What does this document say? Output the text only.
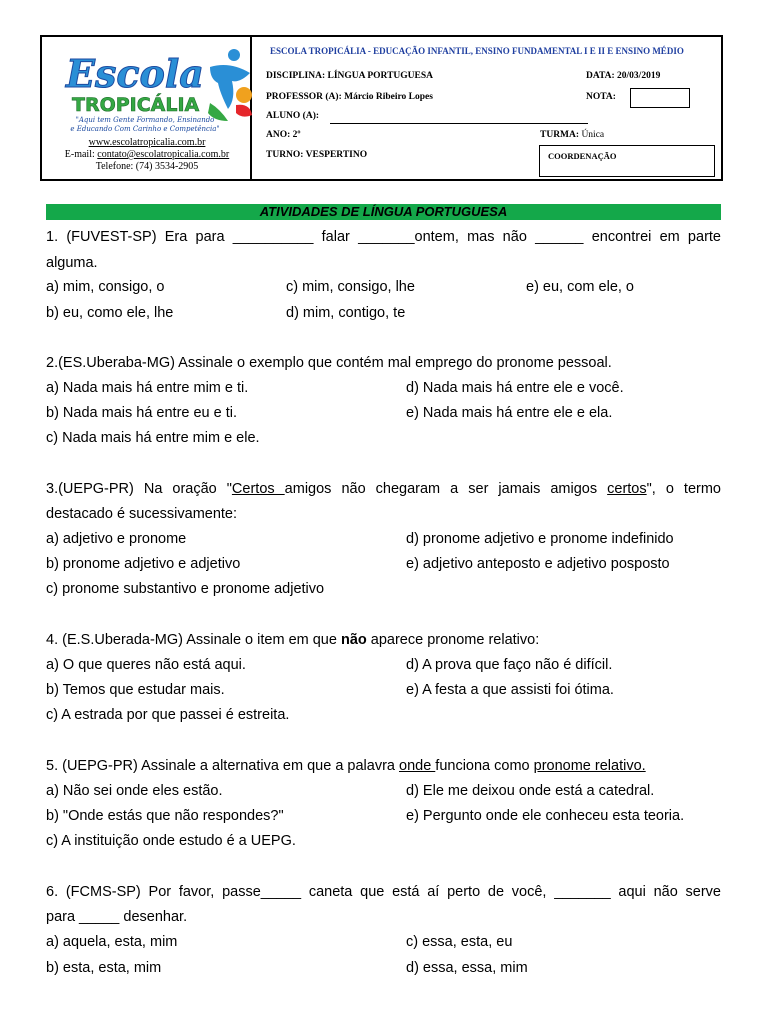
Escola
TROPICÁLIA
"Aqui tem Gente Formando, Ensinando
e Educando Com Carinho e Competência"
www.escolatropicalia.com.br
E-mail: contato@escolatropicalia.com.br
Telefone: (74) 3534-2905
ESCOLA TROPICÁLIA - EDUCAÇÃO INFANTIL, ENSINO FUNDAMENTAL I E II E ENSINO MÉDIO
DISCIPLINA: LÍNGUA PORTUGUESA	DATA: 20/03/2019
PROFESSOR (A): Márcio Ribeiro Lopes	NOTA:
ALUNO (A):
ANO: 2º	TURMA: Única
TURNO: VESPERTINO	COORDENAÇÃO
ATIVIDADES DE LÍNGUA PORTUGUESA
1. (FUVEST-SP) Era para __________ falar _______ontem, mas não ______ encontrei em parte
alguma.
a) mim, consigo, o	c) mim, consigo, lhe	e) eu, com ele, o
b) eu, como ele, lhe	d) mim, contigo, te
2.(ES.Uberaba-MG) Assinale o exemplo que contém mal emprego do pronome pessoal.
a) Nada mais há entre mim e ti.	d) Nada mais há entre ele e você.
b) Nada mais há entre eu e ti.	e) Nada mais há entre ele e ela.
c) Nada mais há entre mim e ele.
3.(UEPG-PR) Na oração "Certos amigos não chegaram a ser jamais amigos certos", o termo
destacado é sucessivamente:
a) adjetivo e pronome	d) pronome adjetivo e pronome indefinido
b) pronome adjetivo e adjetivo	e) adjetivo anteposto e adjetivo posposto
c) pronome substantivo e pronome adjetivo
4. (E.S.Uberada-MG) Assinale o item em que não aparece pronome relativo:
a) O que queres não está aqui.	d) A prova que faço não é difícil.
b) Temos que estudar mais.	e) A festa a que assisti foi ótima.
c) A estrada por que passei é estreita.
5. (UEPG-PR) Assinale a alternativa em que a palavra onde funciona como pronome relativo.
a) Não sei onde eles estão.	d) Ele me deixou onde está a catedral.
b) "Onde estás que não respondes?"	e) Pergunto onde ele conheceu esta teoria.
c) A instituição onde estudo é a UEPG.
6. (FCMS-SP) Por favor, passe_____ caneta que está aí perto de você, _______ aqui não serve
para _____ desenhar.
a) aquela, esta, mim	c) essa, esta, eu
b) esta, esta, mim	d) essa, essa, mim
